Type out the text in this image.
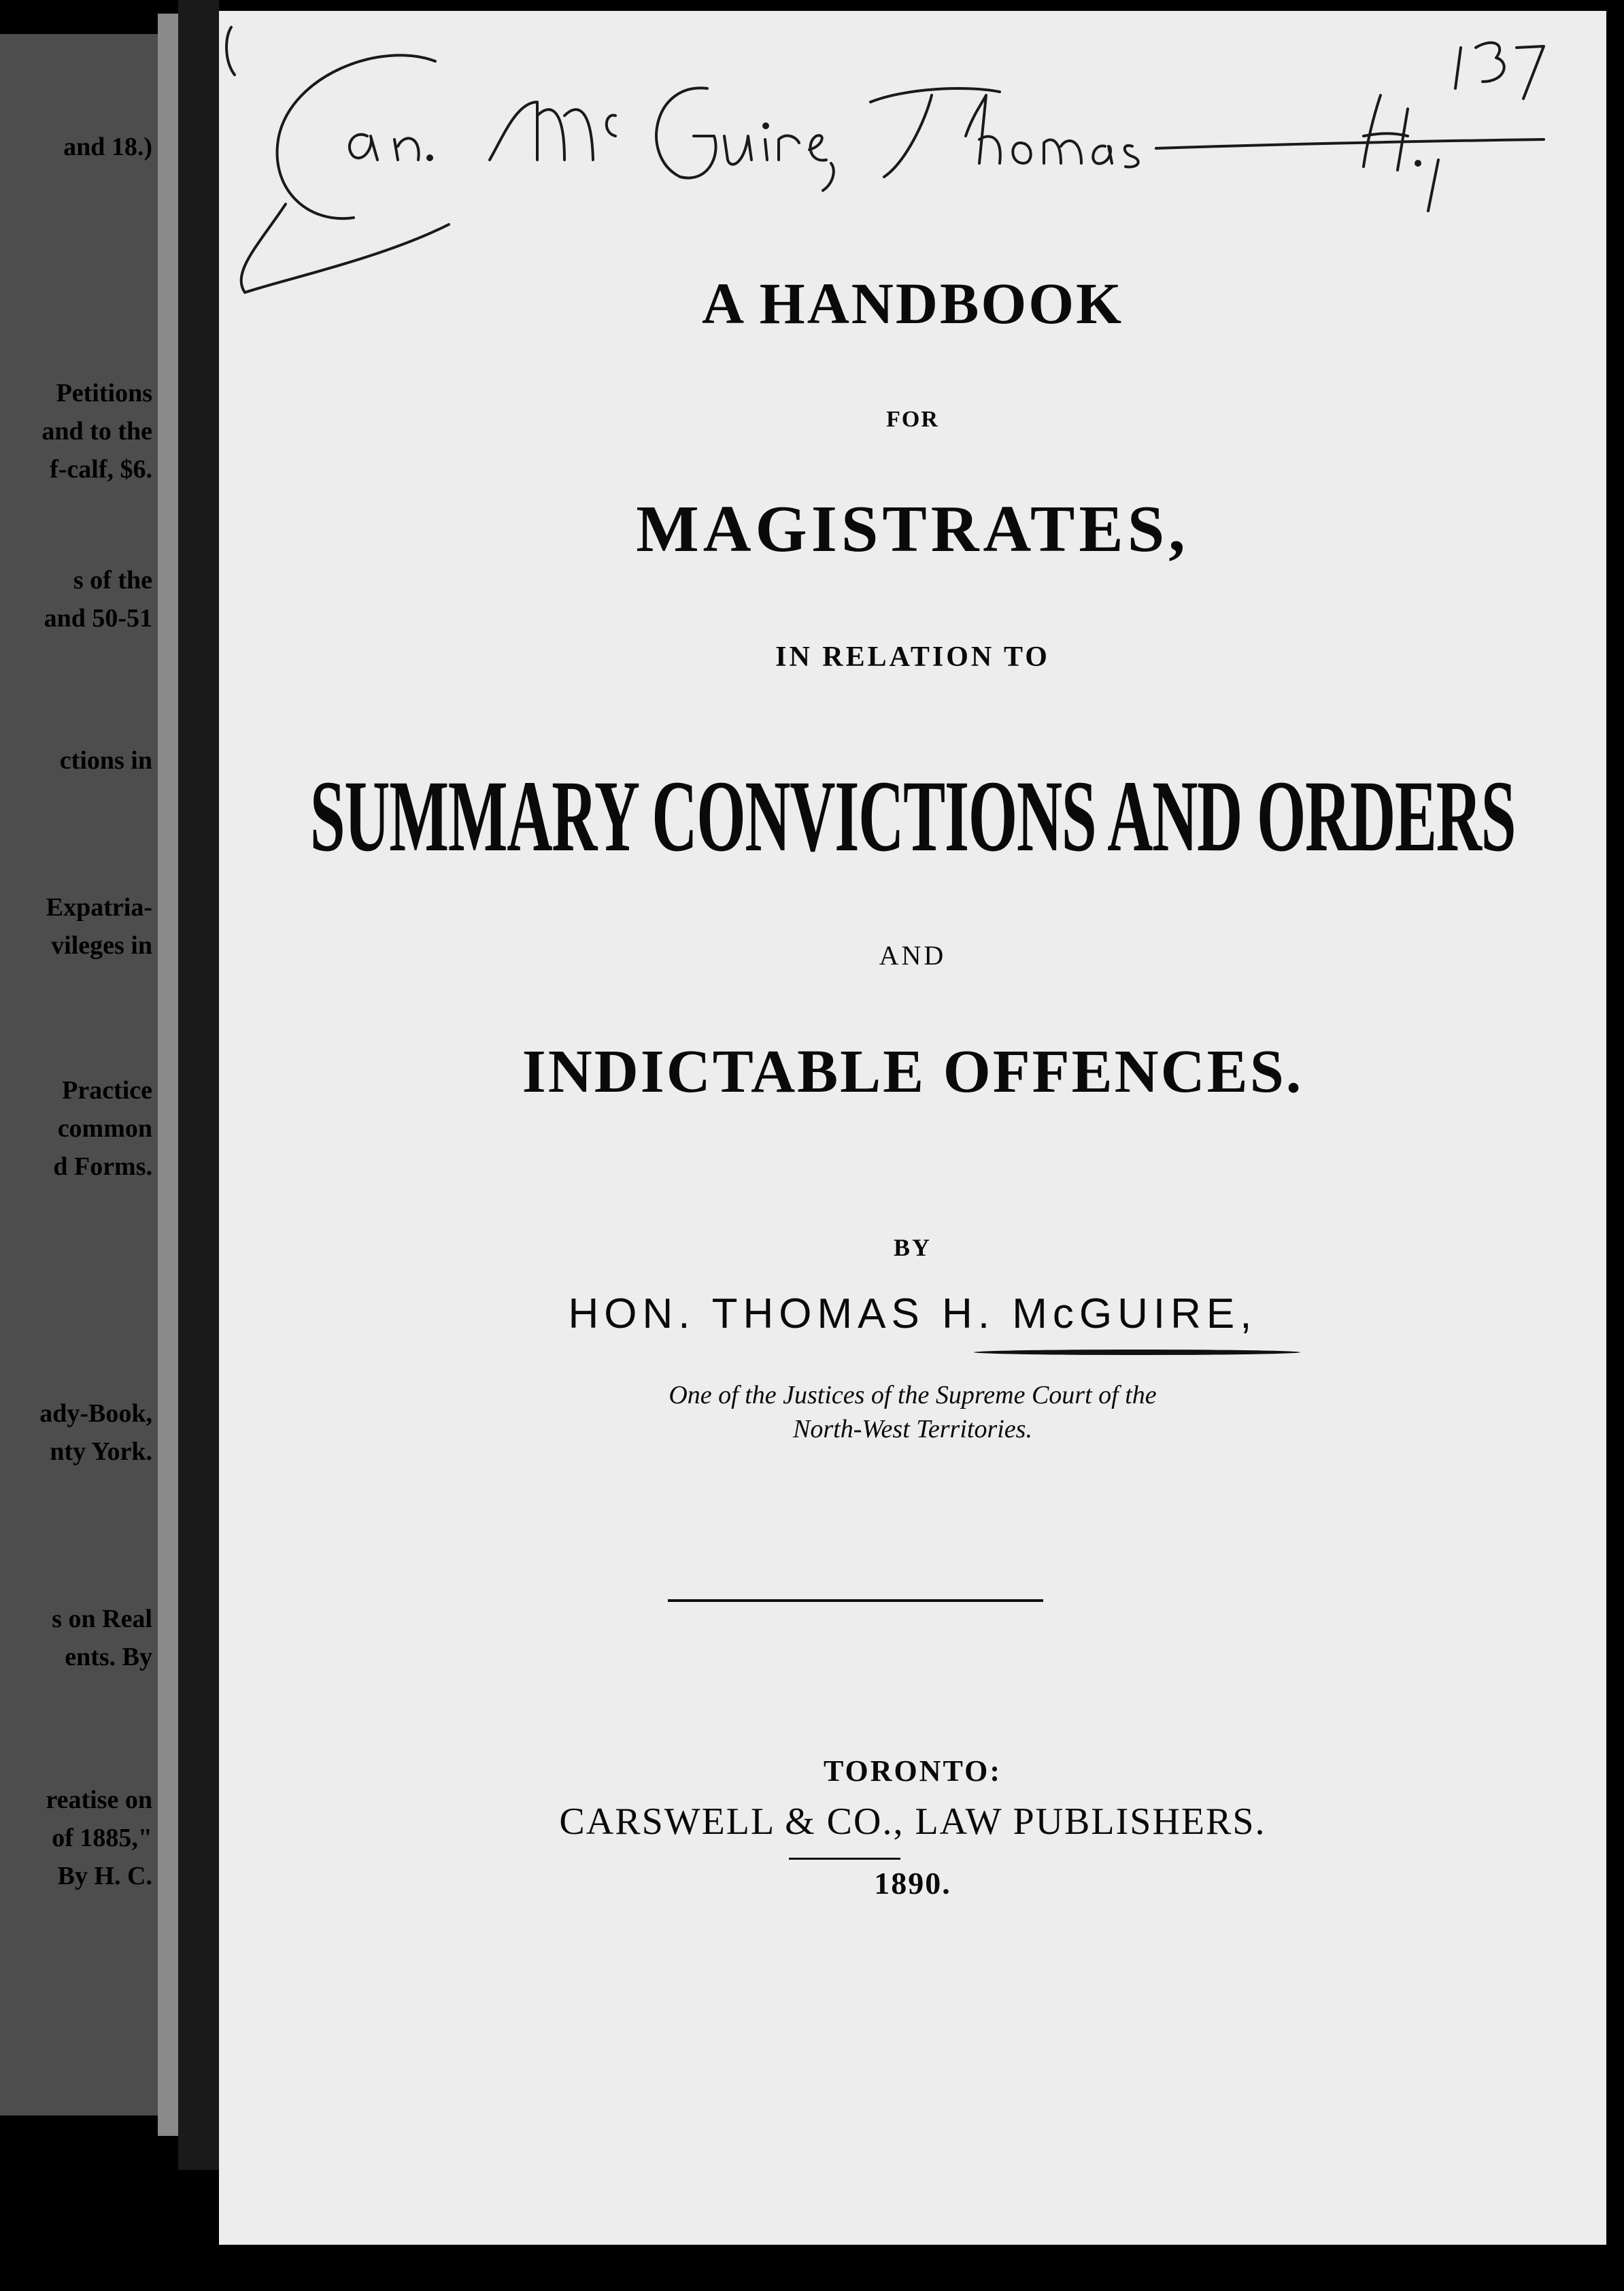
and 18.)
Petitions
and to the
f-calf, $6.
s of the
and 50-51
ctions in
Expatria-
vileges in
Practice
common
d Forms.
ady-Book,
nty York.
s on Real
ents. By
reatise on
of 1885,"
By H. C.
A HANDBOOK
FOR
MAGISTRATES,
IN RELATION TO
SUMMARY CONVICTIONS AND ORDERS
AND
INDICTABLE OFFENCES.
BY
HON. THOMAS H. McGUIRE,
One of the Justices of the Supreme Court of the
North-West Territories.
TORONTO:
CARSWELL & CO., LAW PUBLISHERS.
1890.
